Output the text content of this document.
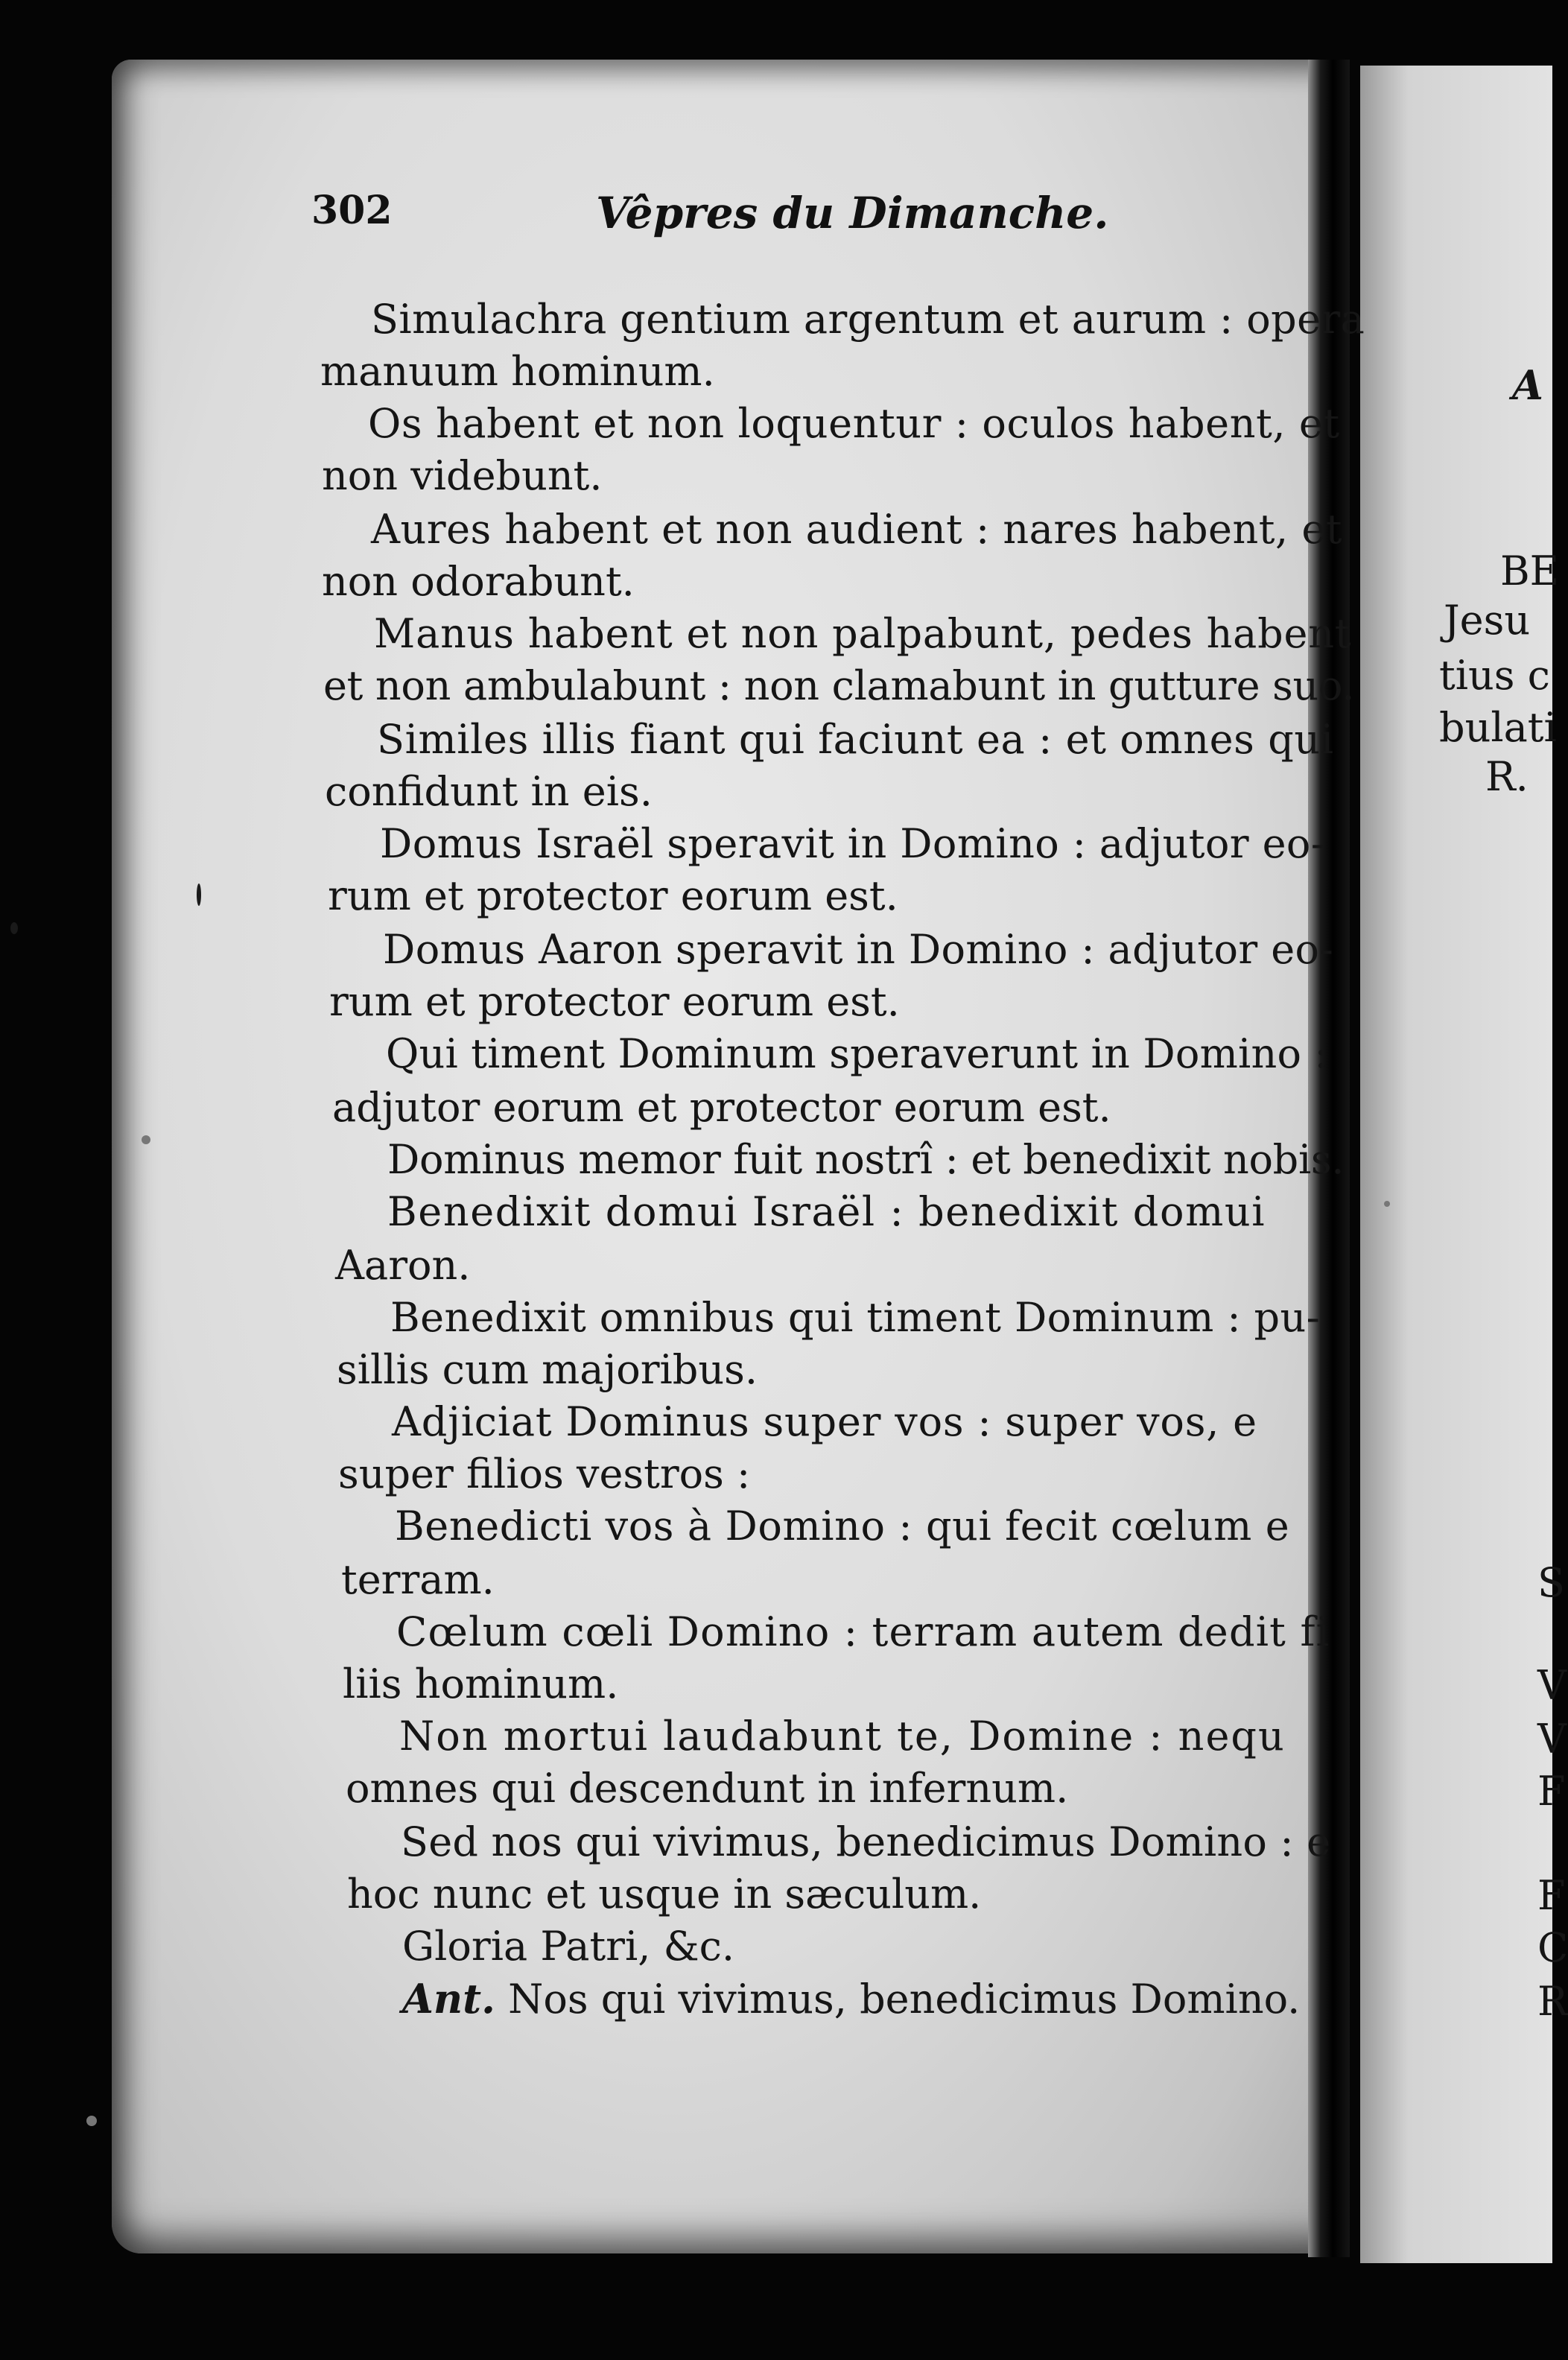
302	Vêpres du Dimanche.
Simulachra gentium argentum et aurum : opera
manuum hominum.
Os habent et non loquentur : oculos habent, et
non videbunt.
Aures habent et non audient : nares habent, et
non odorabunt.
Manus habent et non palpabunt, pedes habent
et non ambulabunt : non clamabunt in gutture suo.
Similes illis fiant qui faciunt ea : et omnes qui
confidunt in eis.
Domus Israël speravit in Domino : adjutor eo-
rum et protector eorum est.
Domus Aaron speravit in Domino : adjutor eo-
rum et protector eorum est.
Qui timent Dominum speraverunt in Domino :
adjutor eorum et protector eorum est.
Dominus memor fuit nostrî : et benedixit nobis.
Benedixit domui Israël : benedixit domui
Aaron.
Benedixit omnibus qui timent Dominum : pu-
sillis cum majoribus.
Adjiciat Dominus super vos : super vos, e
super filios vestros :
Benedicti vos à Domino : qui fecit cœlum e
terram.
Cœlum cœli Domino : terram autem dedit fi
liis hominum.
Non mortui laudabunt te, Domine : nequ
omnes qui descendunt in infernum.
Sed nos qui vivimus, benedicimus Domino : e
hoc nunc et usque in sæculum.
Gloria Patri, &c.
Ant. Nos qui vivimus, benedicimus Domino.
A
BE
Jesu
tius c
bulati
R.
S
V
V
F
F
C
R
